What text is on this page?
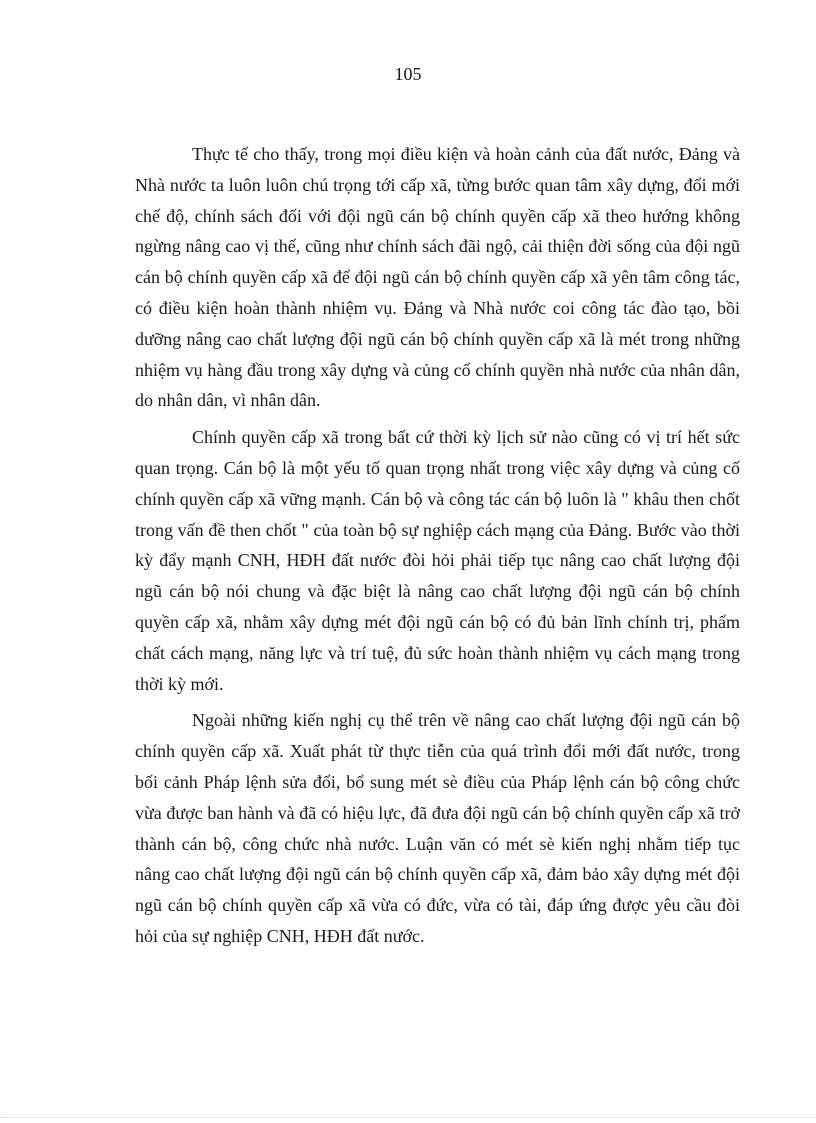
105

Thực tế cho thấy, trong mọi điều kiện và hoàn cảnh của đất nước, Đảng và Nhà nước ta luôn luôn chú trọng tới cấp xã, từng bước quan tâm xây dựng, đổi mới chế độ, chính sách đối với đội ngũ cán bộ chính quyền cấp xã theo hướng không ngừng nâng cao vị thế, cũng như chính sách đãi ngộ, cải thiện đời sống của đội ngũ cán bộ chính quyền cấp xã để đội ngũ cán bộ chính quyền cấp xã yên tâm công tác, có điều kiện hoàn thành nhiệm vụ. Đảng và Nhà nước coi công tác đào tạo, bồi dưỡng nâng cao chất lượng đội ngũ cán bộ chính quyền cấp xã là mét trong những nhiệm vụ hàng đầu trong xây dựng và củng cố chính quyền nhà nước của nhân dân, do nhân dân, vì nhân dân.

Chính quyền cấp xã trong bất cứ thời kỳ lịch sử nào cũng có vị trí hết sức quan trọng. Cán bộ là một yếu tố quan trọng nhất trong việc xây dựng và củng cố chính quyền cấp xã vững mạnh. Cán bộ và công tác cán bộ luôn là " khâu then chốt trong vấn đề then chốt " của toàn bộ sự nghiệp cách mạng của Đảng. Bước vào thời kỳ đẩy mạnh CNH, HĐH đất nước đòi hỏi phải tiếp tục nâng cao chất lượng đội ngũ cán bộ nói chung và đặc biệt là nâng cao chất lượng đội ngũ cán bộ chính quyền cấp xã, nhằm xây dựng mét đội ngũ cán bộ có đủ bản lĩnh chính trị, phẩm chất cách mạng, năng lực và trí tuệ, đủ sức hoàn thành nhiệm vụ cách mạng trong thời kỳ mới.

Ngoài những kiến nghị cụ thể trên về nâng cao chất lượng đội ngũ cán bộ chính quyền cấp xã. Xuất phát từ thực tiễn của quá trình đổi mới đất nước, trong bối cảnh Pháp lệnh sửa đổi, bổ sung mét sè điều của Pháp lệnh cán bộ công chức vừa được ban hành và đã có hiệu lực, đã đưa đội ngũ cán bộ chính quyền cấp xã trở thành cán bộ, công chức nhà nước. Luận văn có mét sè kiến nghị nhằm tiếp tục nâng cao chất lượng đội ngũ cán bộ chính quyền cấp xã, đảm bảo xây dựng mét đội ngũ cán bộ chính quyền cấp xã vừa có đức, vừa có tài, đáp ứng được yêu cầu đòi hỏi của sự nghiệp CNH, HĐH đất nước.
